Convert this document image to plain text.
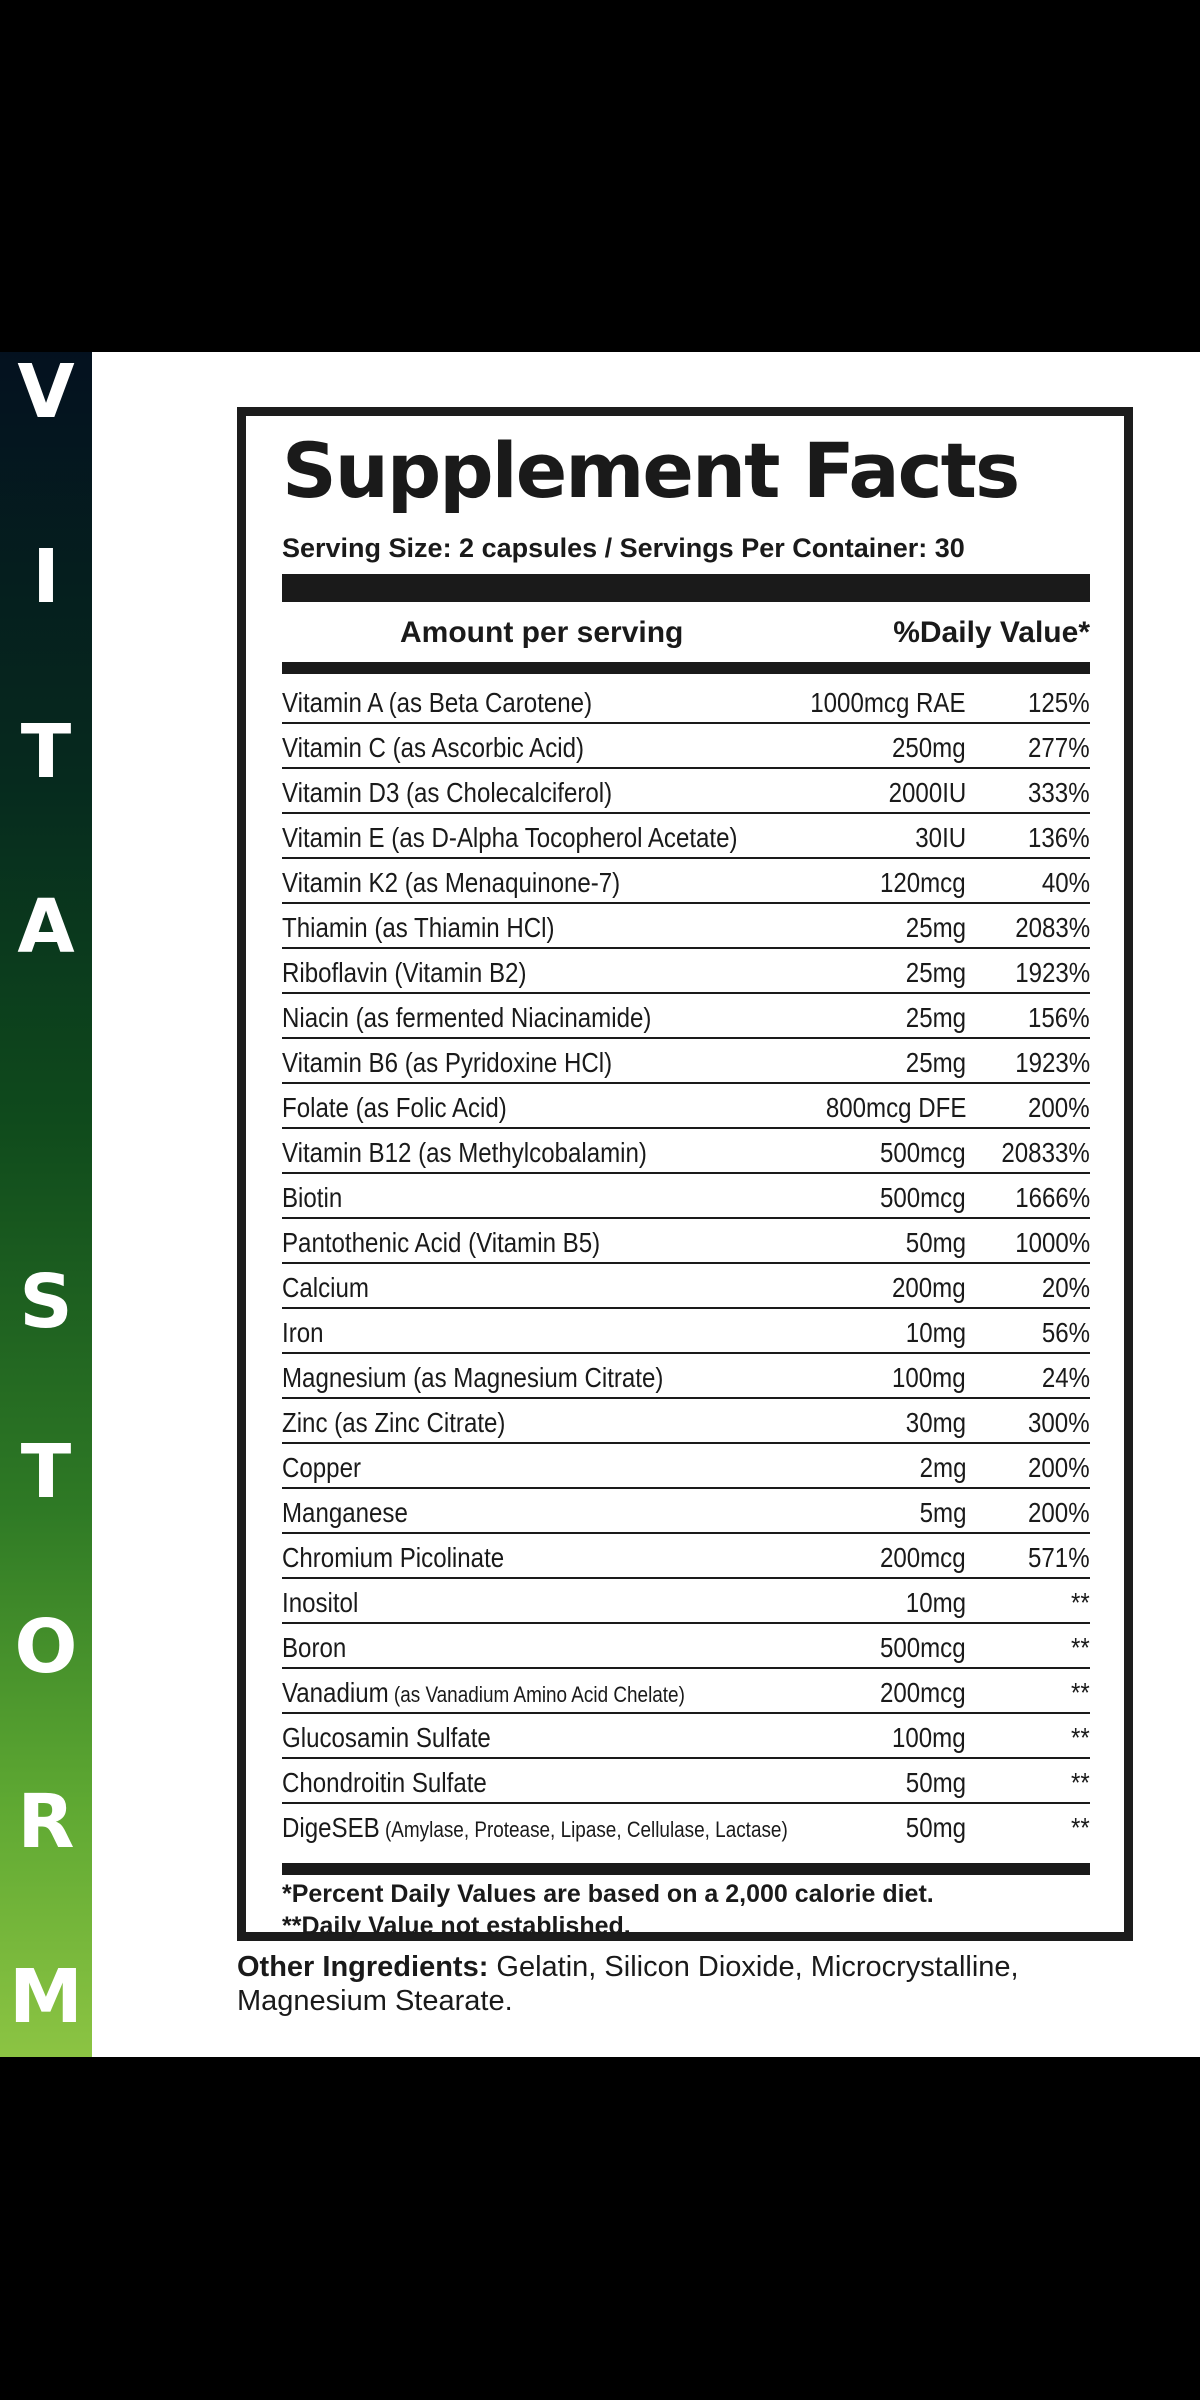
V
I
T
A
S
T
O
R
M
Supplement Facts
Serving Size: 2 capsules / Servings Per Container: 30
Amount per serving	%Daily Value*
Vitamin A (as Beta Carotene)	1000mcg RAE 125%
Vitamin C (as Ascorbic Acid)	250mg 277%
Vitamin D3 (as Cholecalciferol)	2000IU 333%
Vitamin E (as D-Alpha Tocopherol Acetate)	30IU 136%
Vitamin K2 (as Menaquinone-7)	120mcg	40%
Thiamin (as Thiamin HCl)	25mg 2083%
Riboflavin (Vitamin B2)	25mg 1923%
Niacin (as fermented Niacinamide)	25mg 156%
Vitamin B6 (as Pyridoxine HCl)	25mg 1923%
Folate (as Folic Acid)	800mcg DFE 200%
Vitamin B12 (as Methylcobalamin)	500mcg 20833%
Biotin	500mcg 1666%
Pantothenic Acid (Vitamin B5)	50mg 1000%
Calcium	200mg	20%
Iron	10mg	56%
Magnesium (as Magnesium Citrate)	100mg	24%
Zinc (as Zinc Citrate)	30mg 300%
Copper	2mg 200%
Manganese	5mg 200%
Chromium Picolinate	200mcg 571%
Inositol	10mg	**
Boron	500mcg	**
Vanadium (as Vanadium Amino Acid Chelate)	200mcg	**
Glucosamin Sulfate	100mg	**
Chondroitin Sulfate	50mg	**
DigeSEB (Amylase, Protease, Lipase, Cellulase, Lactase)	50mg	**
*Percent Daily Values are based on a 2,000 calorie diet.
**Daily Value not established.
Other Ingredients: Gelatin, Silicon Dioxide, Microcrystalline, Magnesium Stearate.
